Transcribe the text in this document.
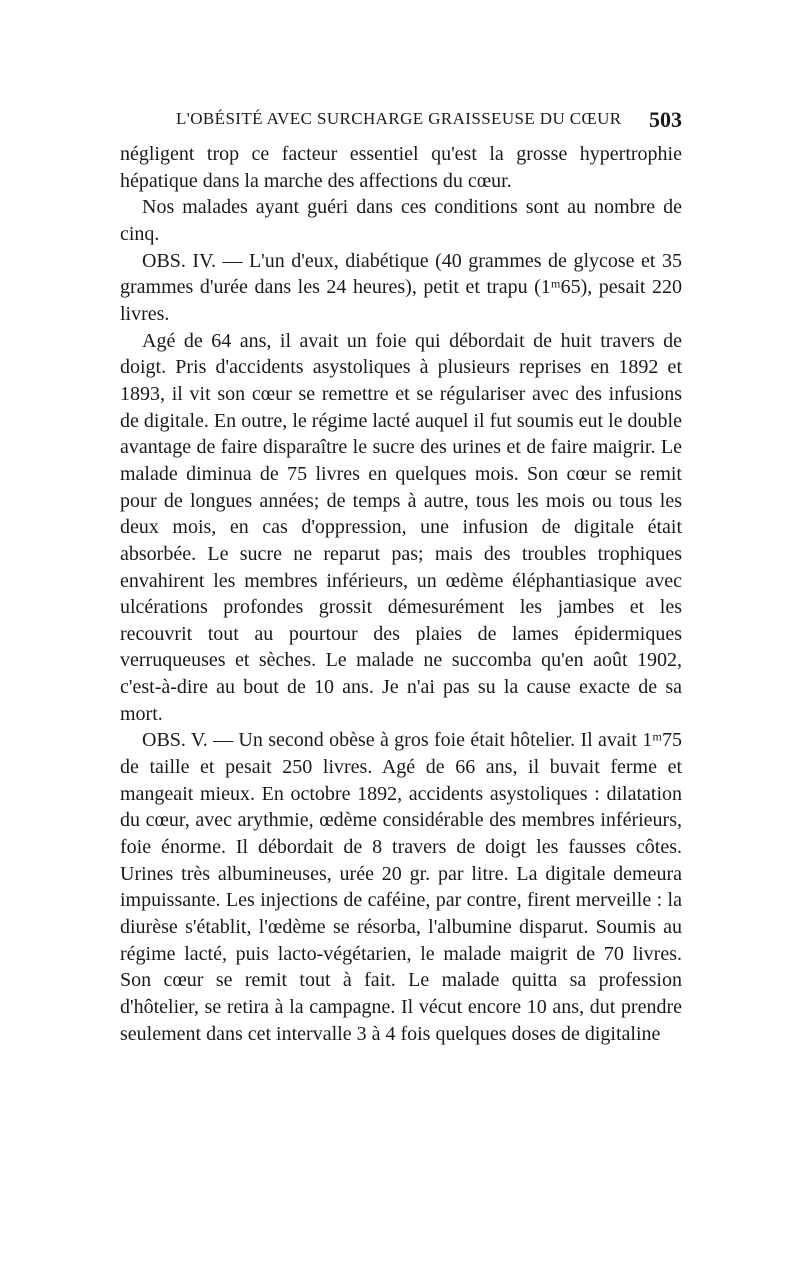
L'OBÉSITÉ AVEC SURCHARGE GRAISSEUSE DU CŒUR 503

négligent trop ce facteur essentiel qu'est la grosse hypertrophie hépatique dans la marche des affections du cœur.

Nos malades ayant guéri dans ces conditions sont au nombre de cinq.

OBS. IV. — L'un d'eux, diabétique (40 grammes de glycose et 35 grammes d'urée dans les 24 heures), petit et trapu (1ᵐ65), pesait 220 livres.

Agé de 64 ans, il avait un foie qui débordait de huit travers de doigt. Pris d'accidents asystoliques à plusieurs reprises en 1892 et 1893, il vit son cœur se remettre et se régulariser avec des infusions de digitale. En outre, le régime lacté auquel il fut soumis eut le double avantage de faire disparaître le sucre des urines et de faire maigrir. Le malade diminua de 75 livres en quelques mois. Son cœur se remit pour de longues années; de temps à autre, tous les mois ou tous les deux mois, en cas d'oppression, une infusion de digitale était absorbée. Le sucre ne reparut pas; mais des troubles trophiques envahirent les membres inférieurs, un œdème éléphantiasique avec ulcérations profondes grossit démesurément les jambes et les recouvrit tout au pourtour des plaies de lames épidermiques verruqueuses et sèches. Le malade ne succomba qu'en août 1902, c'est-à-dire au bout de 10 ans. Je n'ai pas su la cause exacte de sa mort.

OBS. V. — Un second obèse à gros foie était hôtelier. Il avait 1ᵐ75 de taille et pesait 250 livres. Agé de 66 ans, il buvait ferme et mangeait mieux. En octobre 1892, accidents asystoliques : dilatation du cœur, avec arythmie, œdème considérable des membres inférieurs, foie énorme. Il débordait de 8 travers de doigt les fausses côtes. Urines très albumineuses, urée 20 gr. par litre. La digitale demeura impuissante. Les injections de caféine, par contre, firent merveille : la diurèse s'établit, l'œdème se résorba, l'albumine disparut. Soumis au régime lacté, puis lacto-végétarien, le malade maigrit de 70 livres. Son cœur se remit tout à fait. Le malade quitta sa profession d'hôtelier, se retira à la campagne. Il vécut encore 10 ans, dut prendre seulement dans cet intervalle 3 à 4 fois quelques doses de digitaline
